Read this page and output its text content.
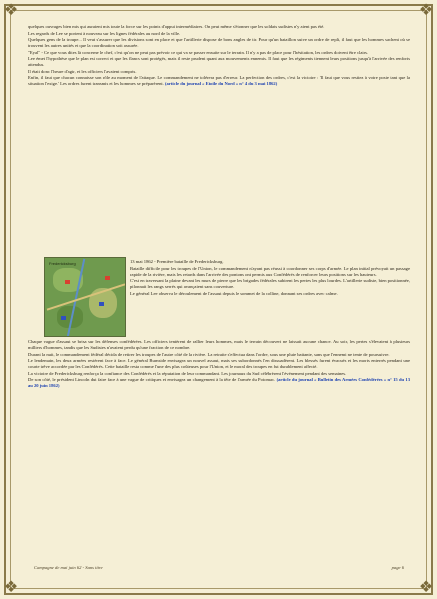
❖	❖
❖	❖

quelques ouvrages bien mis qui auraient mis toute la force sur les points d'appui intermédiaires. On peut même s'étonner que les soldats sudistes n'y aient pas été.

Les regards de Lee se portent à nouveau sur les lignes fédérales au nord de la ville.

Quelques gens de la troupe... Il veut s'assurer que les divisions sont en place et que l'artillerie dispose de bons angles de tir. Pour qu'un bataillon suive un ordre de repli, il faut que les hommes sachent où se trouvent les autres unités et que la coordination soit assurée.

"Eyal" - Ce que vous dites là concerne le chef, c'est qu'on ne peut pas prévoir ce qui va se passer ensuite sur le terrain. Il n'y a pas de place pour l'hésitation, les ordres doivent être clairs.

Lee émet l'hypothèse que le plan est correct et que les flancs sont protégés, mais il reste prudent quant aux mouvements ennemis. Il faut que les régiments tiennent leurs positions jusqu'à l'arrivée des renforts attendus.

Il était donc l'heure d'agir, et les officiers l'avaient compris.

Enfin, il faut que chacun connaisse son rôle au moment de l'attaque. Le commandement ne tolérera pas d'erreur. La perfection des ordres, c'est la victoire : 'Il faut que vous restiez à votre poste tant que la situation l'exige.' Les ordres furent transmis et les hommes se préparèrent. (article du journal « Etoile du Nord » n° 4 du 3 mai 1862)

Fredericksburg	13 mai 1862 - Première bataille de Fredericksburg.

Bataille difficile pour les troupes de l'Union, le commandement n'ayant pas réussi à coordonner ses corps d'armée. Le plan initial prévoyait un passage rapide de la rivière, mais les retards dans l'arrivée des pontons ont permis aux Confédérés de renforcer leurs positions sur les hauteurs.

C'est en traversant la plaine devant les murs de pierre que les brigades fédérales subirent les pertes les plus lourdes. L'artillerie sudiste, bien positionnée, pilonnait les rangs serrés qui avançaient sans couverture.

Le général Lee observa le déroulement de l'assaut depuis le sommet de la colline, donnant ses ordres avec calme.

Chaque vague d'assaut se brisa sur les défenses confédérées. Les officiers tentèrent de rallier leurs hommes, mais le terrain découvert ne laissait aucune chance. Au soir, les pertes s'élevaient à plusieurs milliers d'hommes, tandis que les Sudistes n'avaient perdu qu'une fraction de ce nombre.

Durant la nuit, le commandement fédéral décida de retirer les troupes de l'autre côté de la rivière. La retraite s'effectua dans l'ordre, sous une pluie battante, sans que l'ennemi ne tente de poursuivre.

Le lendemain, les deux armées restèrent face à face. Le général Burnside envisagea un nouvel assaut, mais ses subordonnés l'en dissuadèrent. Les blessés furent évacués et les morts enterrés pendant une courte trêve accordée par les Confédérés. Cette bataille resta comme l'une des plus coûteuses pour l'Union, et le moral des troupes en fut durablement affecté.

La victoire de Fredericksburg renforça la confiance des Confédérés et la réputation de leur commandant. Les journaux du Sud célébrèrent l'événement pendant des semaines.

De son côté, le président Lincoln dut faire face à une vague de critiques et envisagea un changement à la tête de l'armée du Potomac. (article du journal « Bulletin des Armées Confédérées » n° 15 du 13 au 20 juin 1862)

Campagne de mai juin 62 - Sans titre	page 6
